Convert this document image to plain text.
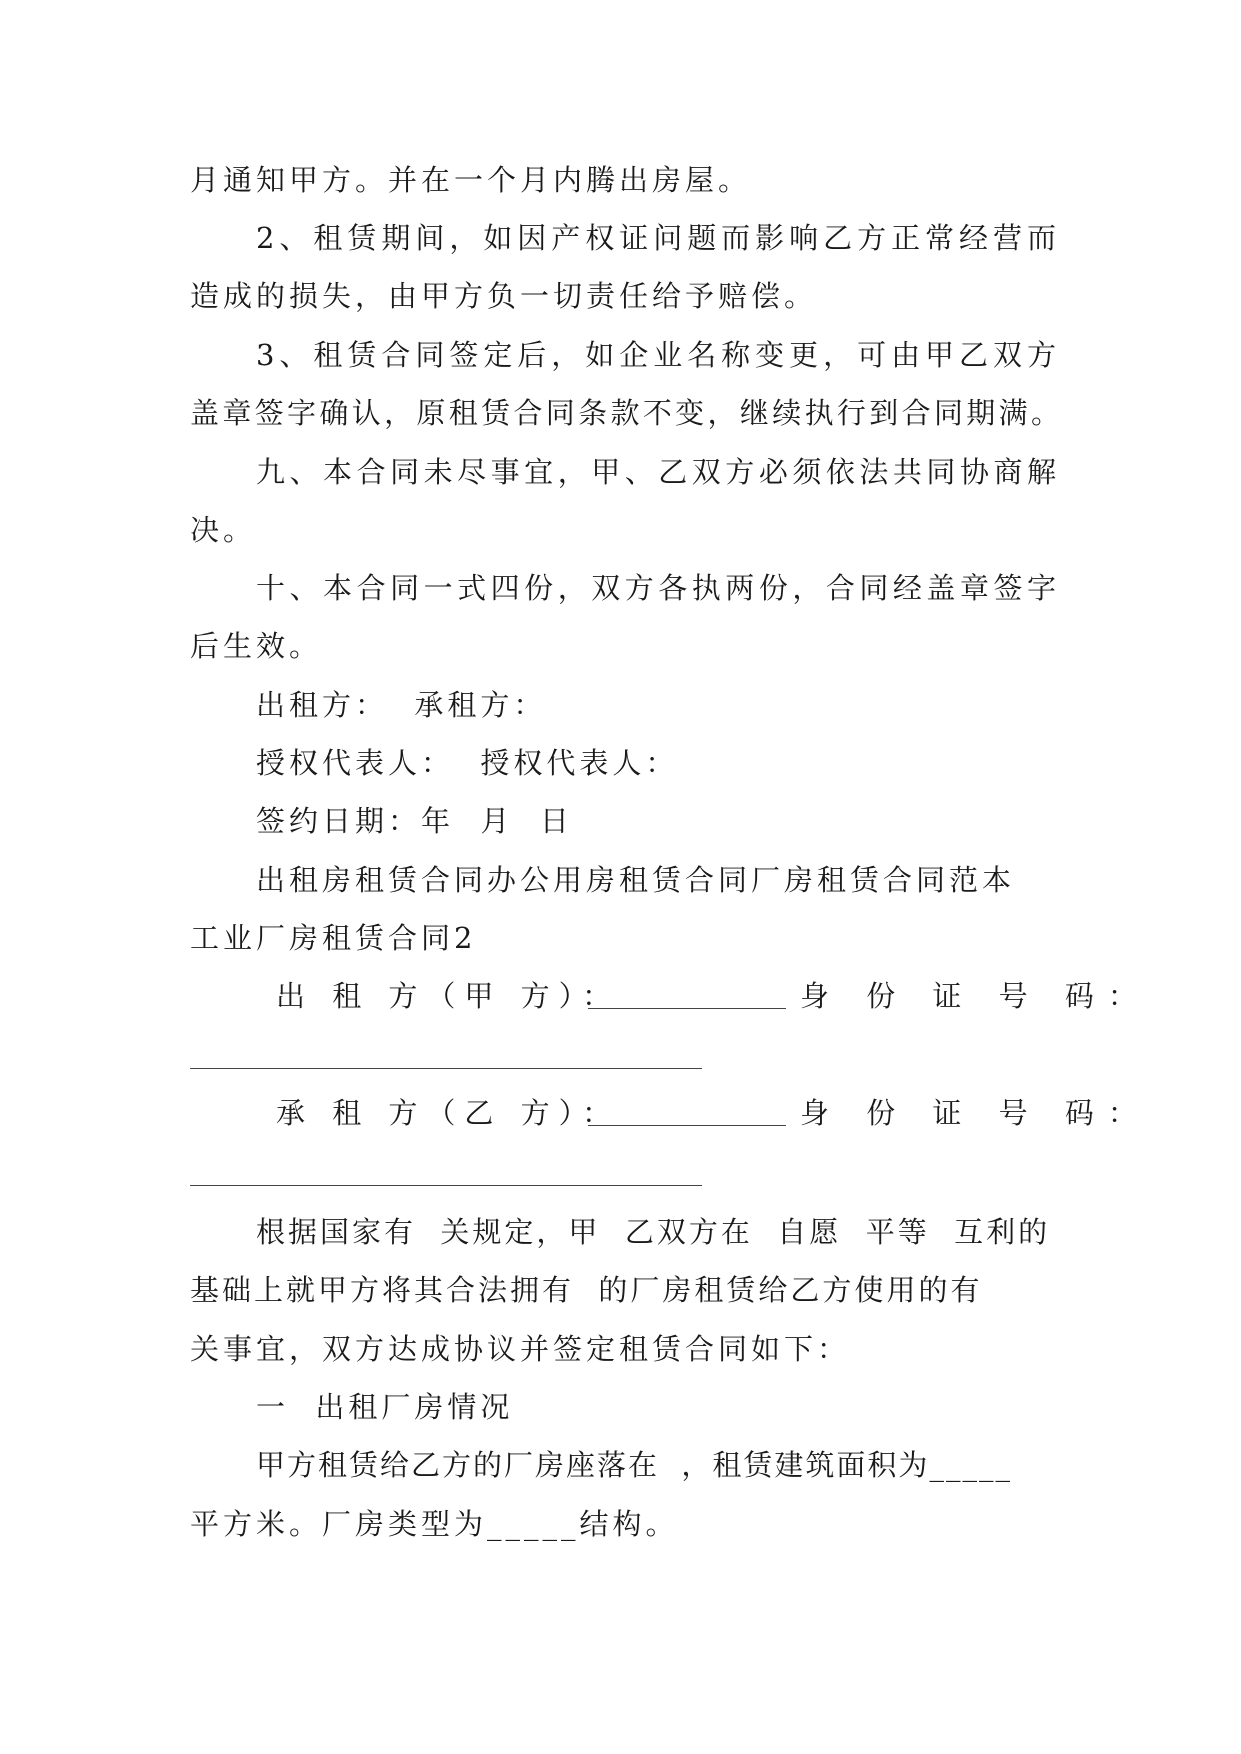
月通知甲方。并在一个月内腾出房屋。
2、租赁期间，如因产权证问题而影响乙方正常经营而
造成的损失，由甲方负一切责任给予赔偿。
3、租赁合同签定后，如企业名称变更，可由甲乙双方
盖章签字确认，原租赁合同条款不变，继续执行到合同期满。
九、本合同未尽事宜，甲、乙双方必须依法共同协商解
决。
十、本合同一式四份，双方各执两份，合同经盖章签字
后生效。
出租方：  承租方：
授权代表人：  授权代表人：
签约日期：年  月  日
出租房租赁合同办公用房租赁合同厂房租赁合同范本
工业厂房租赁合同2
出 租 方（甲 方）：	身 份 证 号 码：
承 租 方（乙 方）：	身 份 证 号 码：
根据国家有  关规定，甲  乙双方在  自愿  平等  互利的
基础上就甲方将其合法拥有  的厂房租赁给乙方使用的有
关事宜，双方达成协议并签定租赁合同如下：
一  出租厂房情况
甲方租赁给乙方的厂房座落在  ，租赁建筑面积为_____
平方米。厂房类型为_____结构。
